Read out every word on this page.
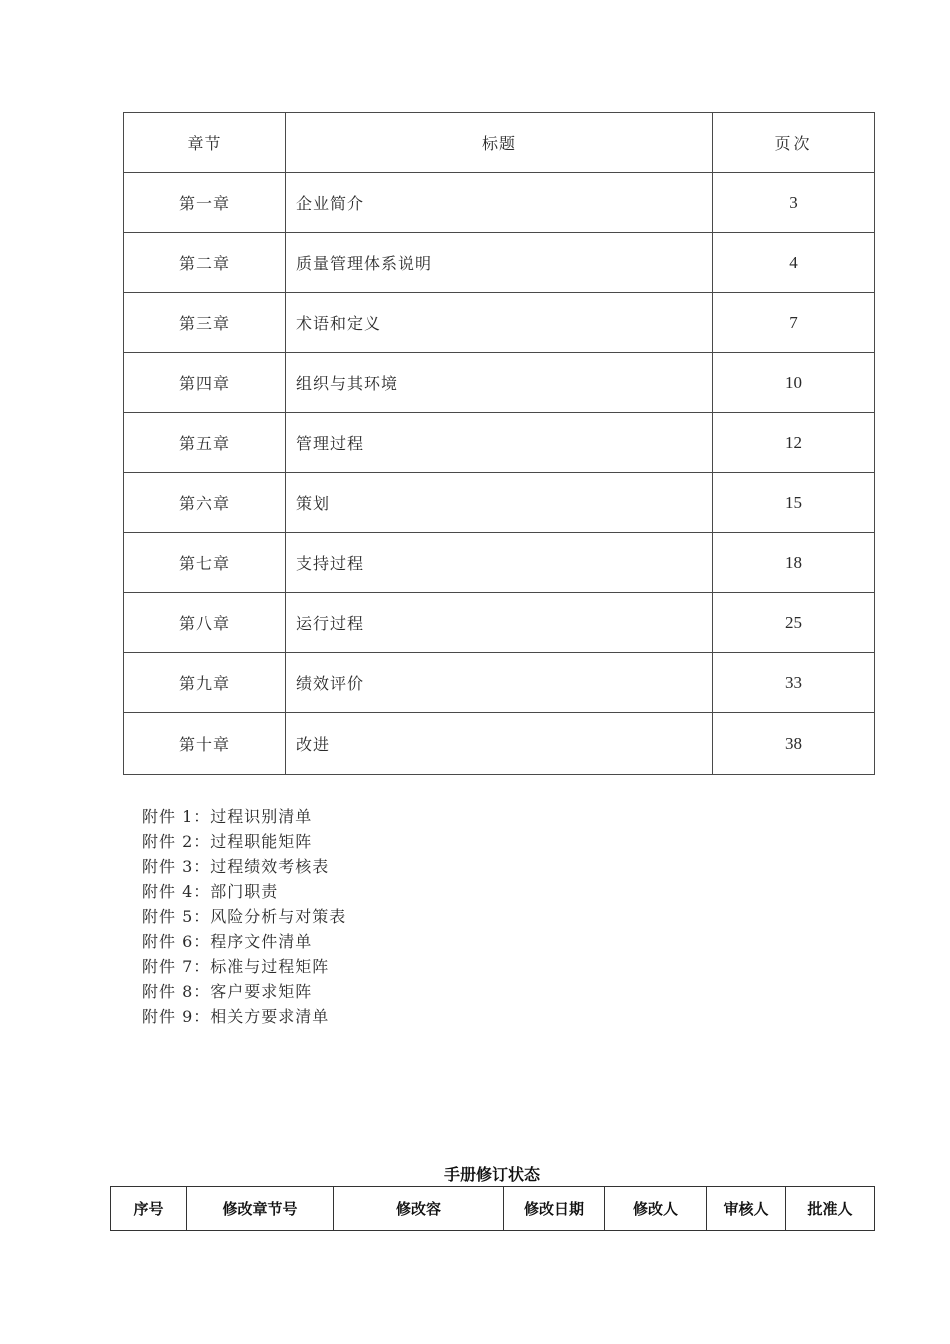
章节	标题	页次
第一章	企业简介	3
第二章	质量管理体系说明	4
第三章	术语和定义	7
第四章	组织与其环境	10
第五章	管理过程	12
第六章	策划	15
第七章	支持过程	18
第八章	运行过程	25
第九章	绩效评价	33
第十章	改进	38
附件 1：过程识别清单
附件 2：过程职能矩阵
附件 3：过程绩效考核表
附件 4：部门职责
附件 5：风险分析与对策表
附件 6：程序文件清单
附件 7：标准与过程矩阵
附件 8：客户要求矩阵
附件 9：相关方要求清单
手册修订状态
序号	修改章节号	修改容	修改日期	修改人	审核人	批准人
